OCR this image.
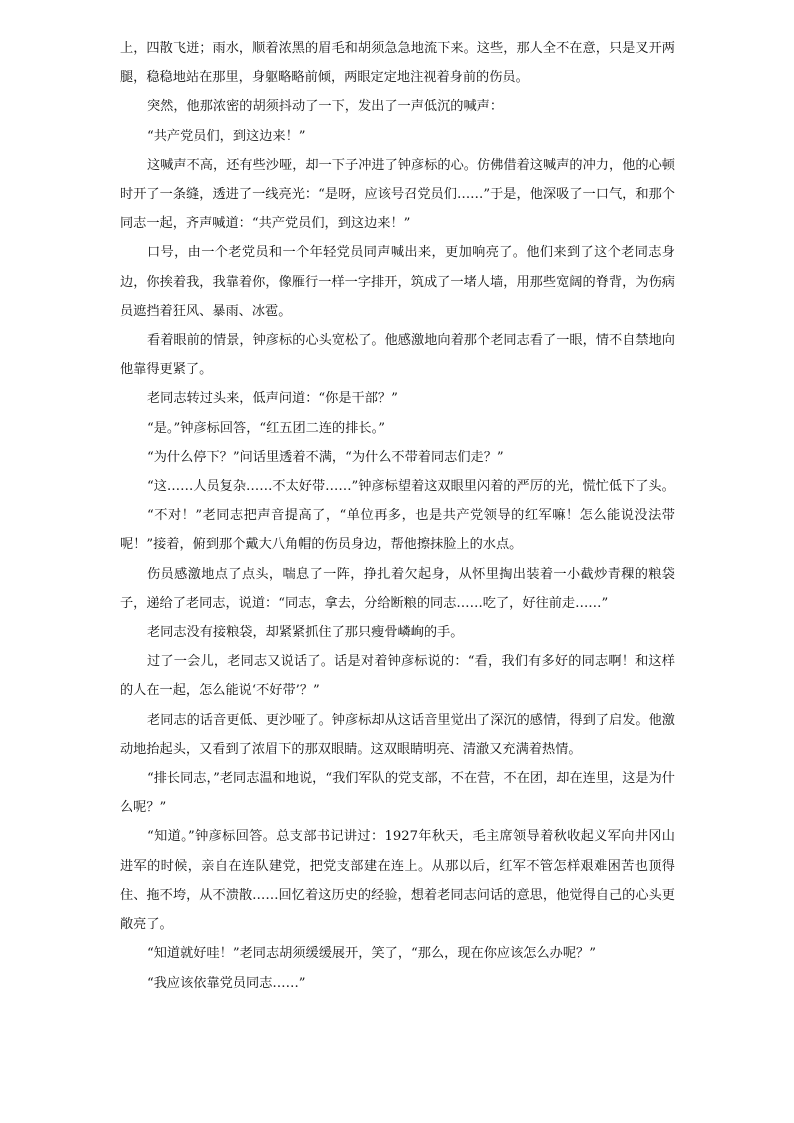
上，四散飞迸；雨水，顺着浓黑的眉毛和胡须急急地流下来。这些，那人全不在意，只是叉开两腿，稳稳地站在那里，身躯略略前倾，两眼定定地注视着身前的伤员。

突然，他那浓密的胡须抖动了一下，发出了一声低沉的喊声：

“共产党员们，到这边来！”

这喊声不高，还有些沙哑，却一下子冲进了钟彦标的心。仿佛借着这喊声的冲力，他的心顿时开了一条缝，透进了一线亮光：“是呀，应该号召党员们……”于是，他深吸了一口气，和那个同志一起，齐声喊道：“共产党员们，到这边来！”

口号，由一个老党员和一个年轻党员同声喊出来，更加响亮了。他们来到了这个老同志身边，你挨着我，我靠着你，像雁行一样一字排开，筑成了一堵人墙，用那些宽阔的脊背，为伤病员遮挡着狂风、暴雨、冰雹。

看着眼前的情景，钟彦标的心头宽松了。他感激地向着那个老同志看了一眼，情不自禁地向他靠得更紧了。

老同志转过头来，低声问道：“你是干部？”

“是。”钟彦标回答，“红五团二连的排长。”

“为什么停下？”问话里透着不满，“为什么不带着同志们走？”

“这……人员复杂……不太好带……”钟彦标望着这双眼里闪着的严厉的光，慌忙低下了头。

“不对！”老同志把声音提高了，“单位再多，也是共产党领导的红军嘛！怎么能说没法带呢！”接着，俯到那个戴大八角帽的伤员身边，帮他擦抹脸上的水点。

伤员感激地点了点头，喘息了一阵，挣扎着欠起身，从怀里掏出装着一小截炒青稞的粮袋子，递给了老同志，说道：“同志，拿去，分给断粮的同志……吃了，好往前走……”

老同志没有接粮袋，却紧紧抓住了那只瘦骨嶙峋的手。

过了一会儿，老同志又说话了。话是对着钟彦标说的：“看，我们有多好的同志啊！和这样的人在一起，怎么能说‘不好带’？”

老同志的话音更低、更沙哑了。钟彦标却从这话音里觉出了深沉的感情，得到了启发。他激动地抬起头，又看到了浓眉下的那双眼睛。这双眼睛明亮、清澈又充满着热情。

“排长同志，”老同志温和地说，“我们军队的党支部，不在营，不在团，却在连里，这是为什么呢？”

“知道。”钟彦标回答。总支部书记讲过：1927年秋天，毛主席领导着秋收起义军向井冈山进军的时候，亲自在连队建党，把党支部建在连上。从那以后，红军不管怎样艰难困苦也顶得住、拖不垮，从不溃散……回忆着这历史的经验，想着老同志问话的意思，他觉得自己的心头更敞亮了。

“知道就好哇！”老同志胡须缓缓展开，笑了，“那么，现在你应该怎么办呢？”

“我应该依靠党员同志……”
